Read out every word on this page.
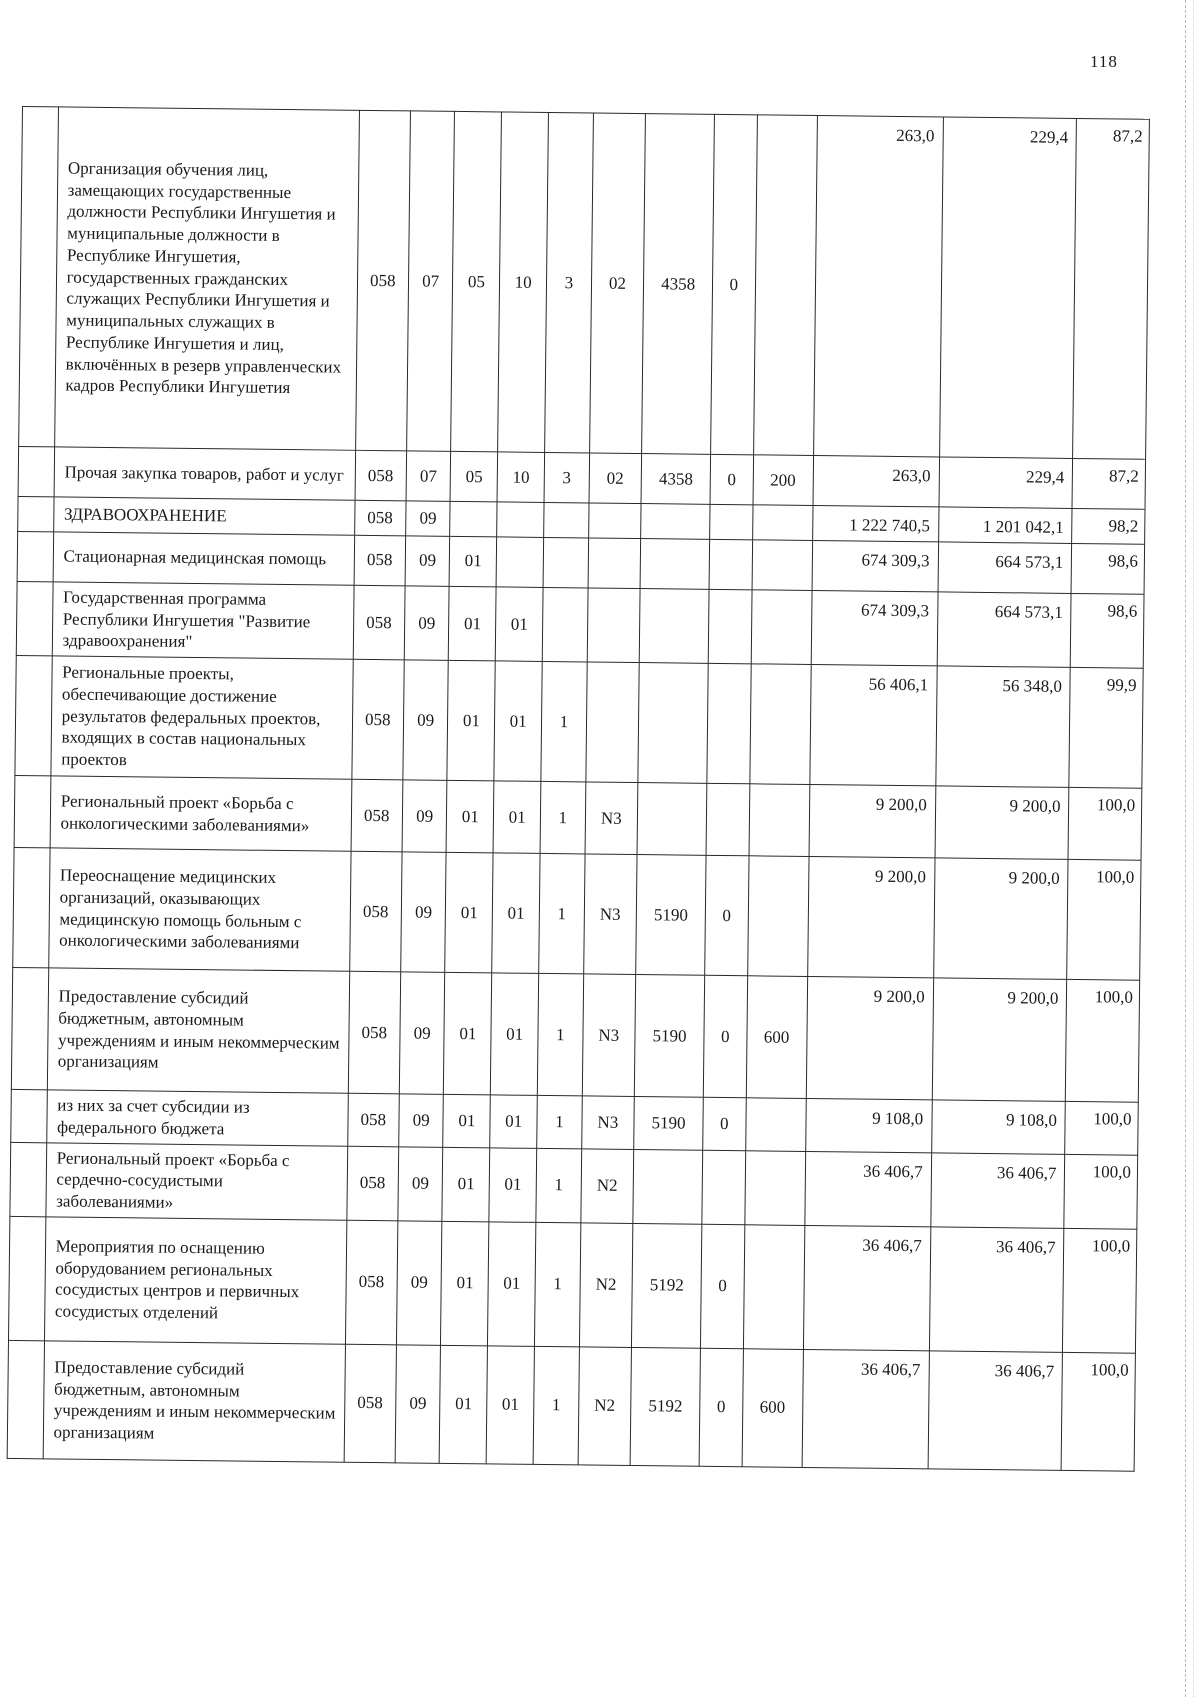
118
	Организация обучения лиц, замещающих государственные должности Республики Ингушетия и муниципальные должности в Республике Ингушетия, государственных гражданских служащих Республики Ингушетия и муниципальных служащих в Республике Ингушетия и лиц, включённых в резерв управленческих кадров Республики Ингушетия	058	07	05	10	3	02	4358	0		263,0	229,4	87,2
	Прочая закупка товаров, работ и услуг	058	07	05	10	3	02	4358	0	200	263,0	229,4	87,2
	ЗДРАВООХРАНЕНИЕ	058	09								1 222 740,5	1 201 042,1	98,2
	Стационарная медицинская помощь	058	09	01							674 309,3	664 573,1	98,6
	Государственная программа Республики Ингушетия "Развитие здравоохранения"	058	09	01	01						674 309,3	664 573,1	98,6
	Региональные проекты, обеспечивающие достижение результатов федеральных проектов, входящих в состав национальных проектов	058	09	01	01	1					56 406,1	56 348,0	99,9
	Региональный проект «Борьба с онкологическими заболеваниями»	058	09	01	01	1	N3				9 200,0	9 200,0	100,0
	Переоснащение медицинских организаций, оказывающих медицинскую помощь больным с онкологическими заболеваниями	058	09	01	01	1	N3	5190	0		9 200,0	9 200,0	100,0
	Предоставление субсидий бюджетным, автономным учреждениям и иным некоммерческим организациям	058	09	01	01	1	N3	5190	0	600	9 200,0	9 200,0	100,0
	из них за счет субсидии из федерального бюджета	058	09	01	01	1	N3	5190	0		9 108,0	9 108,0	100,0
	Региональный проект «Борьба с сердечно-сосудистыми заболеваниями»	058	09	01	01	1	N2				36 406,7	36 406,7	100,0
	Мероприятия по оснащению оборудованием региональных сосудистых центров и первичных сосудистых отделений	058	09	01	01	1	N2	5192	0		36 406,7	36 406,7	100,0
	Предоставление субсидий бюджетным, автономным учреждениям и иным некоммерческим организациям	058	09	01	01	1	N2	5192	0	600	36 406,7	36 406,7	100,0
